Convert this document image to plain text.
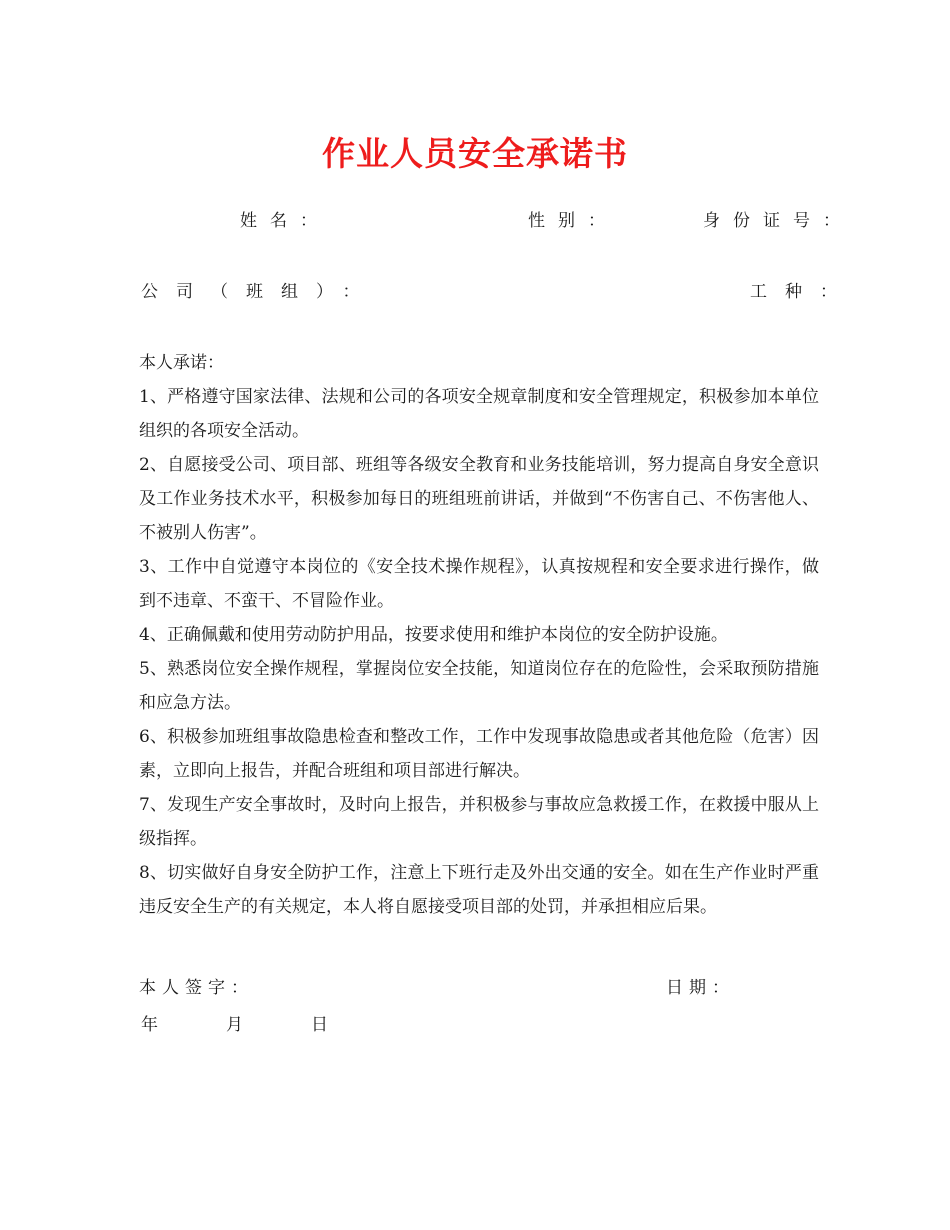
作业人员安全承诺书
姓名：	性别：	身份证号：
公司（班组）：	工种：

本人承诺：

1、严格遵守国家法律、法规和公司的各项安全规章制度和安全管理规定，积极参加本单位组织的各项安全活动。

2、自愿接受公司、项目部、班组等各级安全教育和业务技能培训，努力提高自身安全意识及工作业务技术水平，积极参加每日的班组班前讲话，并做到“不伤害自己、不伤害他人、不被别人伤害”。

3、工作中自觉遵守本岗位的《安全技术操作规程》，认真按规程和安全要求进行操作，做到不违章、不蛮干、不冒险作业。

4、正确佩戴和使用劳动防护用品，按要求使用和维护本岗位的安全防护设施。

5、熟悉岗位安全操作规程，掌握岗位安全技能，知道岗位存在的危险性，会采取预防措施和应急方法。

6、积极参加班组事故隐患检查和整改工作，工作中发现事故隐患或者其他危险（危害）因素，立即向上报告，并配合班组和项目部进行解决。

7、发现生产安全事故时，及时向上报告，并积极参与事故应急救援工作，在救援中服从上级指挥。

8、切实做好自身安全防护工作，注意上下班行走及外出交通的安全。如在生产作业时严重违反安全生产的有关规定，本人将自愿接受项目部的处罚，并承担相应后果。

本人签字：	日期：
年	月	日
